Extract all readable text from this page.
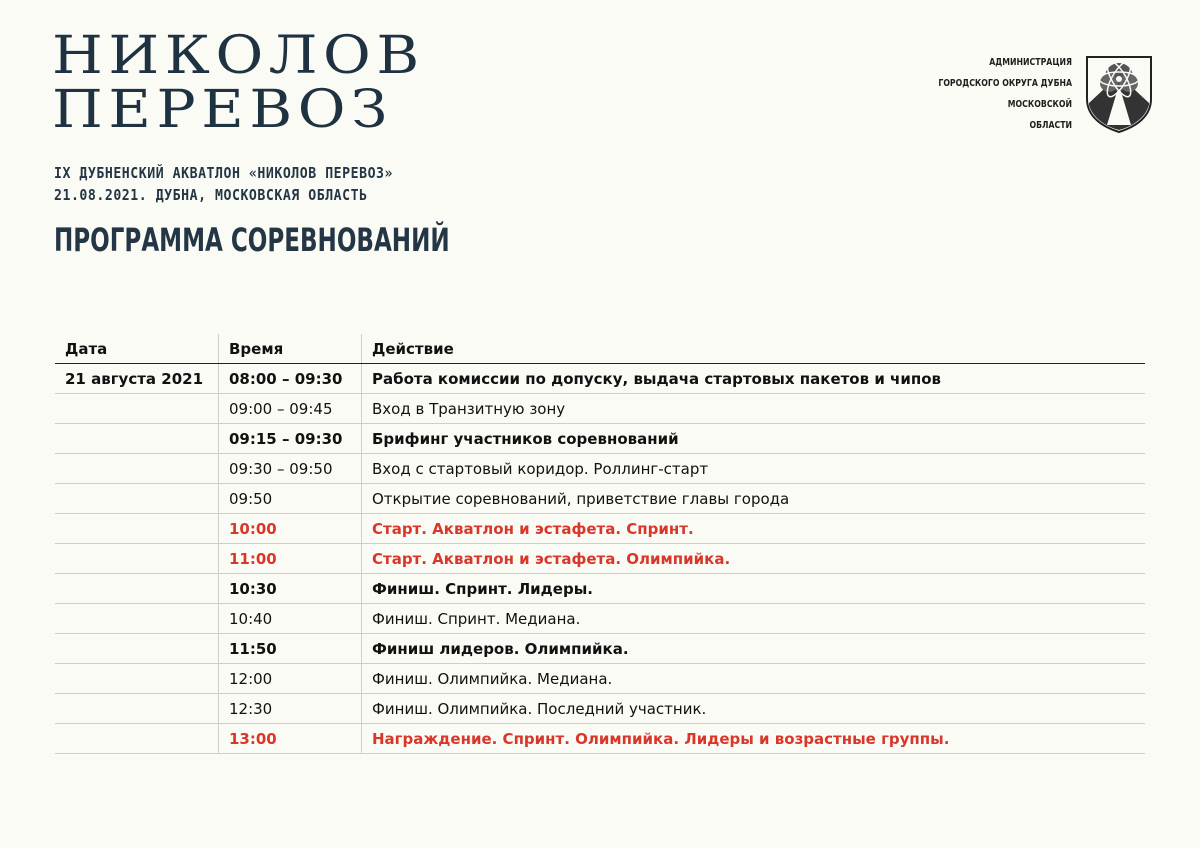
НИКОЛОВ
ПЕРЕВОЗ
АДМИНИСТРАЦИЯ
ГОРОДСКОГО ОКРУГА ДУБНА
МОСКОВСКОЙ
ОБЛАСТИ
IX ДУБНЕНСКИЙ АКВАТЛОН «НИКОЛОВ ПЕРЕВОЗ»
21.08.2021. ДУБНА, МОСКОВСКАЯ ОБЛАСТЬ
ПРОГРАММА СОРЕВНОВАНИЙ
Дата	Время	Действие
21 августа 2021	08:00 – 09:30	Работа комиссии по допуску, выдача стартовых пакетов и чипов
	09:00 – 09:45	Вход в Транзитную зону
	09:15 – 09:30	Брифинг участников соревнований
	09:30 – 09:50	Вход с стартовый коридор. Роллинг-старт
	09:50	Открытие соревнований, приветствие главы города
	10:00	Старт. Акватлон и эстафета. Спринт.
	11:00	Старт. Акватлон и эстафета. Олимпийка.
	10:30	Финиш. Спринт. Лидеры.
	10:40	Финиш. Спринт. Медиана.
	11:50	Финиш лидеров. Олимпийка.
	12:00	Финиш. Олимпийка. Медиана.
	12:30	Финиш. Олимпийка. Последний участник.
	13:00	Награждение. Спринт. Олимпийка. Лидеры и возрастные группы.
